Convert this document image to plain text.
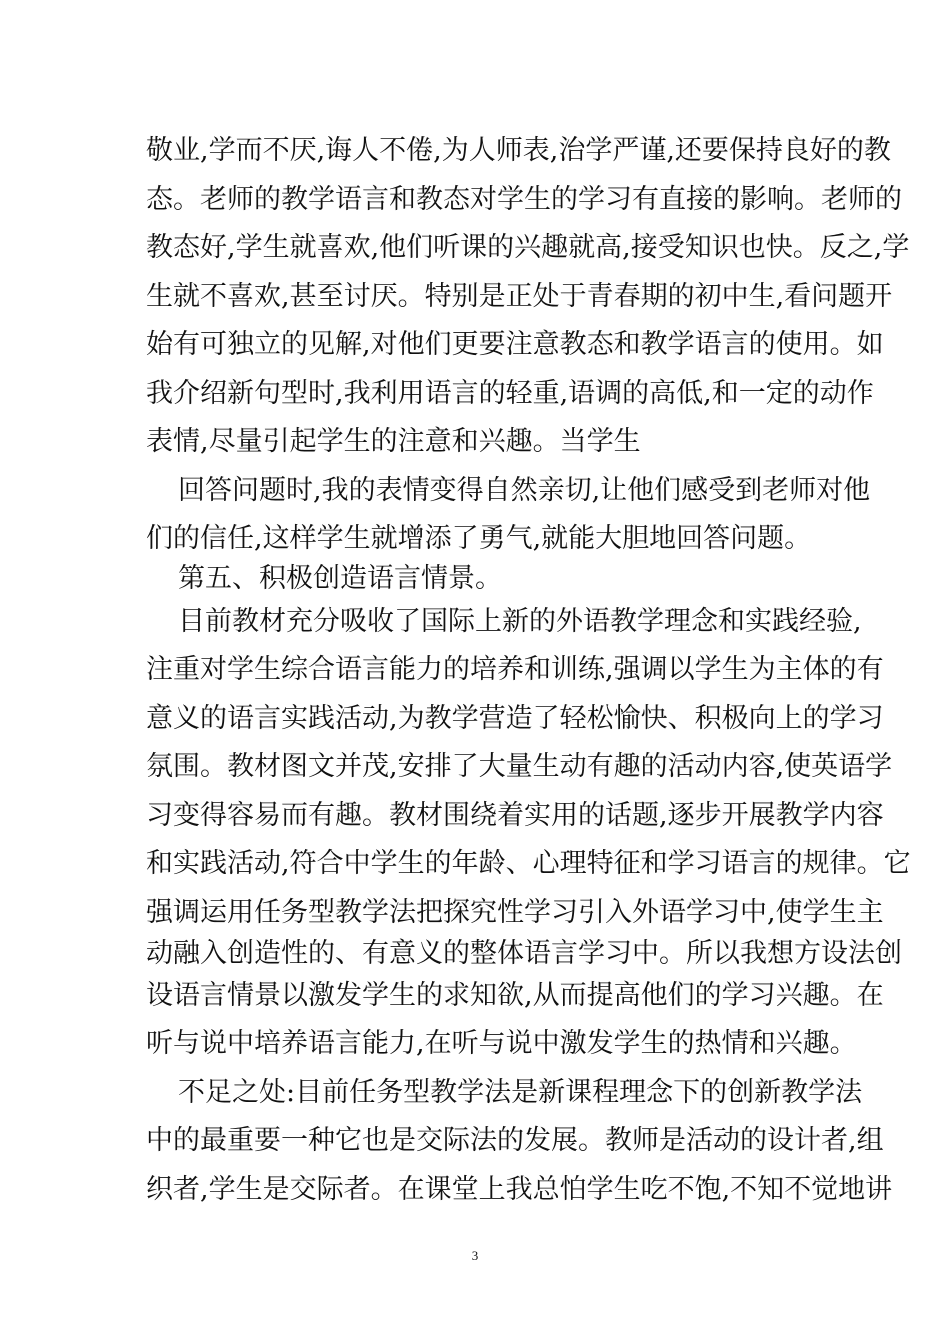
敬业,学而不厌,诲人不倦,为人师表,治学严谨,还要保持良好的教
态。老师的教学语言和教态对学生的学习有直接的影响。老师的
教态好,学生就喜欢,他们听课的兴趣就高,接受知识也快。反之,学
生就不喜欢,甚至讨厌。特别是正处于青春期的初中生,看问题开
始有可独立的见解,对他们更要注意教态和教学语言的使用。如
我介绍新句型时,我利用语言的轻重,语调的高低,和一定的动作
表情,尽量引起学生的注意和兴趣。当学生
回答问题时,我的表情变得自然亲切,让他们感受到老师对他
们的信任,这样学生就增添了勇气,就能大胆地回答问题。
第五、积极创造语言情景。
目前教材充分吸收了国际上新的外语教学理念和实践经验,
注重对学生综合语言能力的培养和训练,强调以学生为主体的有
意义的语言实践活动,为教学营造了轻松愉快、积极向上的学习
氛围。教材图文并茂,安排了大量生动有趣的活动内容,使英语学
习变得容易而有趣。教材围绕着实用的话题,逐步开展教学内容
和实践活动,符合中学生的年龄、心理特征和学习语言的规律。它
强调运用任务型教学法把探究性学习引入外语学习中,使学生主
动融入创造性的、有意义的整体语言学习中。所以我想方设法创
设语言情景以激发学生的求知欲,从而提高他们的学习兴趣。在
听与说中培养语言能力,在听与说中激发学生的热情和兴趣。
不足之处:目前任务型教学法是新课程理念下的创新教学法
中的最重要一种它也是交际法的发展。教师是活动的设计者,组
织者,学生是交际者。在课堂上我总怕学生吃不饱,不知不觉地讲
3
